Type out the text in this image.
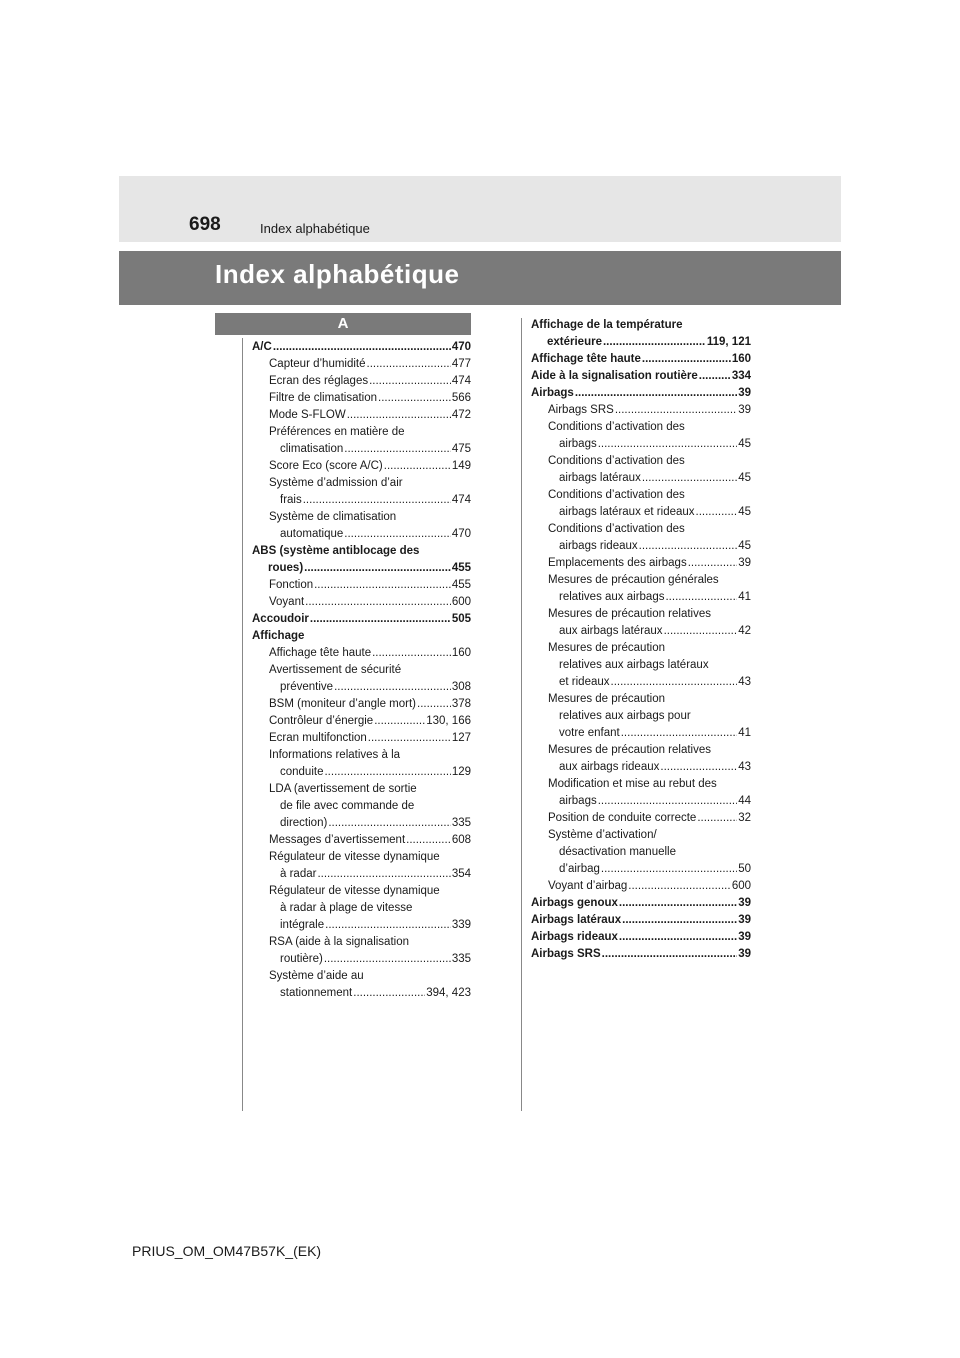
698	Index alphabétique
Index alphabétique
A
A/C .....	470
Capteur d’humidité .....	477
Ecran des réglages .....	474
Filtre de climatisation .....	566
Mode S-FLOW .....	472
Préférences en matière de
climatisation .....	475
Score Eco (score A/C) .....	149
Système d’admission d’air
frais .....	474
Système de climatisation
automatique .....	470
ABS (système antiblocage des
roues) .....	455
Fonction .....	455
Voyant .....	600
Accoudoir .....	505
Affichage
Affichage tête haute .....	160
Avertissement de sécurité
préventive .....	308
BSM (moniteur d’angle mort) .....	378
Contrôleur d’énergie .....	130, 166
Ecran multifonction .....	127
Informations relatives à la
conduite .....	129
LDA (avertissement de sortie
de file avec commande de
direction) .....	335
Messages d’avertissement .....	608
Régulateur de vitesse dynamique
à radar .....	354
Régulateur de vitesse dynamique
à radar à plage de vitesse
intégrale .....	339
RSA (aide à la signalisation
routière) .....	335
Système d’aide au
stationnement .....	394, 423
Affichage de la température
extérieure .....	119, 121
Affichage tête haute .....	160
Aide à la signalisation routière .....	334
Airbags .....	39
Airbags SRS .....	39
Conditions d’activation des
airbags .....	45
Conditions d’activation des
airbags latéraux .....	45
Conditions d’activation des
airbags latéraux et rideaux .....	45
Conditions d’activation des
airbags rideaux .....	45
Emplacements des airbags .....	39
Mesures de précaution générales
relatives aux airbags .....	41
Mesures de précaution relatives
aux airbags latéraux .....	42
Mesures de précaution
relatives aux airbags latéraux
et rideaux .....	43
Mesures de précaution
relatives aux airbags pour
votre enfant .....	41
Mesures de précaution relatives
aux airbags rideaux .....	43
Modification et mise au rebut des
airbags .....	44
Position de conduite correcte .....	32
Système d’activation/
désactivation manuelle
d’airbag .....	50
Voyant d’airbag .....	600
Airbags genoux .....	39
Airbags latéraux .....	39
Airbags rideaux .....	39
Airbags SRS .....	39
PRIUS_OM_OM47B57K_(EK)
